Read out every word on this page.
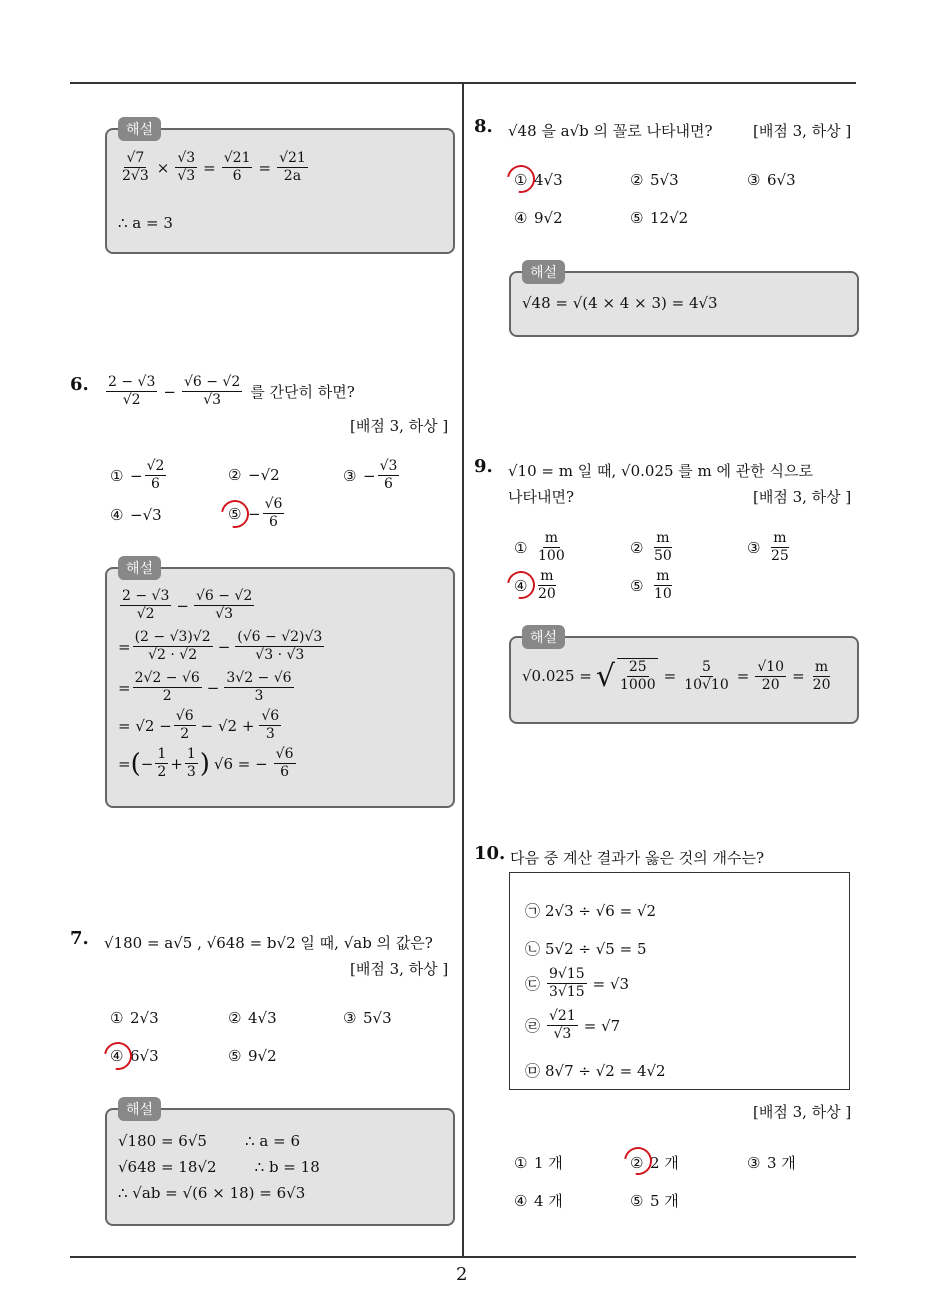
2
해설
$\frac{√7}{2√3} \times \frac{√3}{√3} = \frac{√21}{6} = \frac{√21}{2a}$
∴ a = 3
6. $\frac{2 - √3}{√2} - \frac{√6 - √2}{√3}$ 를 간단히 하면?
[배점 3, 하상 ]
① − $\frac{√2}{6}$	② −√2	③ − $\frac{√3}{6}$
④ −√3	⑤ − $\frac{√6}{6}$
해설
$\frac{2 - √3}{√2} - \frac{√6 - √2}{√3}$
= $\frac{(2 - √3)√2}{√2 \cdot √2} - \frac{(√6 - √2)√3}{√3 \cdot √3}$
= $\frac{2√2 - √6}{2} - \frac{3√2 - √6}{3}$
= $√2 - \frac{√6}{2} - √2 + \frac{√6}{3}$
= ( − $\frac{1}{2} + \frac{1}{3}$ ) √6 = − $\frac{√6}{6}$
7. √180 = a√5 , √648 = b√2 일 때, √ab 의 값은?
[배점 3, 하상 ]
① 2√3	② 4√3	③ 5√3
④ 6√3	⑤ 9√2
해설
√180 = 6√5        ∴ a = 6
√648 = 18√2        ∴ b = 18
∴ √ab = √(6 × 18) = 6√3
8. √48 을 a√b 의 꼴로 나타내면?	[배점 3, 하상 ]
① 4√3	② 5√3	③ 6√3
④ 9√2	⑤ 12√2
해설
√48 = √(4 × 4 × 3) = 4√3
9. √10 = m 일 때, √0.025 를 m 에 관한 식으로
나타내면?	[배점 3, 하상 ]
① $\frac{m}{100}$	② $\frac{m}{50}$	③ $\frac{m}{25}$
④ $\frac{m}{20}$	⑤ $\frac{m}{10}$
해설
√0.025 = √ $\frac{25}{1000} = \frac{5}{10√10} = \frac{√10}{20} = \frac{m}{20}$
10. 다음 중 계산 결과가 옳은 것의 개수는?
㉠ 2√3 ÷ √6 = √2
㉡ 5√2 ÷ √5 = 5
㉢ $\frac{9√15}{3√15} = √3$
㉣ $\frac{√21}{√3} = √7$
㉤ 8√7 ÷ √2 = 4√2
[배점 3, 하상 ]
① 1 개	② 2 개	③ 3 개
④ 4 개	⑤ 5 개
